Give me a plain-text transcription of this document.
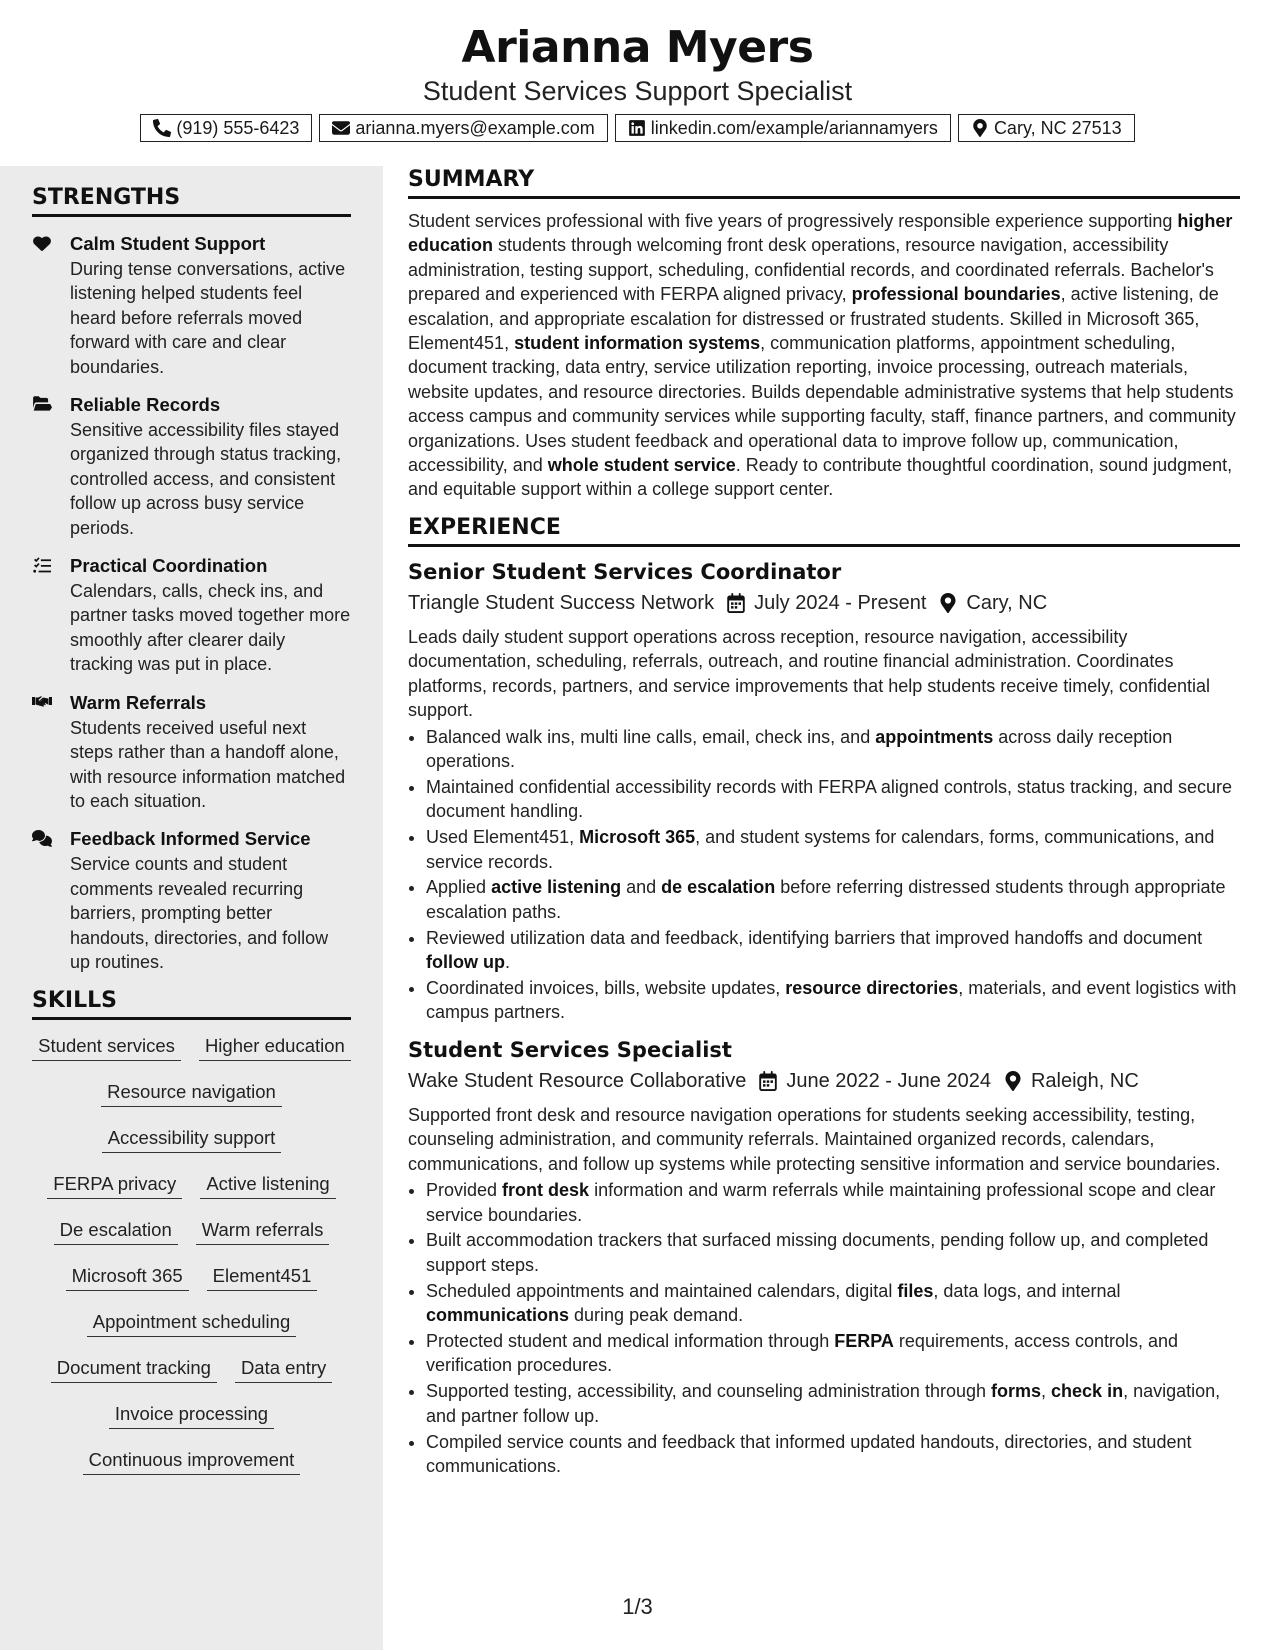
Arianna Myers

Student Services Support Specialist

(919) 555-6423	arianna.myers@example.com	linkedin.com/example/ariannamyers	Cary, NC 27513
STRENGTHS
Calm Student Support
During tense conversations, active listening helped students feel heard before referrals moved forward with care and clear boundaries.
Reliable Records
Sensitive accessibility files stayed organized through status tracking, controlled access, and consistent follow up across busy service periods.
Practical Coordination
Calendars, calls, check ins, and partner tasks moved together more smoothly after clearer daily tracking was put in place.
Warm Referrals
Students received useful next steps rather than a handoff alone, with resource information matched to each situation.
Feedback Informed Service
Service counts and student comments revealed recurring barriers, prompting better handouts, directories, and follow up routines.
SKILLS
Student services	Higher education
Resource navigation
Accessibility support
FERPA privacy	Active listening
De escalation	Warm referrals
Microsoft 365	Element451
Appointment scheduling
Document tracking	Data entry
Invoice processing
Continuous improvement
SUMMARY

Student services professional with five years of progressively responsible experience supporting higher education students through welcoming front desk operations, resource navigation, accessibility administration, testing support, scheduling, confidential records, and coordinated referrals. Bachelor's prepared and experienced with FERPA aligned privacy, professional boundaries, active listening, de escalation, and appropriate escalation for distressed or frustrated students. Skilled in Microsoft 365, Element451, student information systems, communication platforms, appointment scheduling, document tracking, data entry, service utilization reporting, invoice processing, outreach materials, website updates, and resource directories. Builds dependable administrative systems that help students access campus and community services while supporting faculty, staff, finance partners, and community organizations. Uses student feedback and operational data to improve follow up, communication, accessibility, and whole student service. Ready to contribute thoughtful coordination, sound judgment, and equitable support within a college support center.

EXPERIENCE
Senior Student Services Coordinator
Triangle Student Success Network July 2024 - Present Cary, NC
Leads daily student support operations across reception, resource navigation, accessibility documentation, scheduling, referrals, outreach, and routine financial administration. Coordinates platforms, records, partners, and service improvements that help students receive timely, confidential support.
• Balanced walk ins, multi line calls, email, check ins, and appointments across daily reception operations.
• Maintained confidential accessibility records with FERPA aligned controls, status tracking, and secure document handling.
• Used Element451, Microsoft 365, and student systems for calendars, forms, communications, and service records.
• Applied active listening and de escalation before referring distressed students through appropriate escalation paths.
• Reviewed utilization data and feedback, identifying barriers that improved handoffs and document follow up.
• Coordinated invoices, bills, website updates, resource directories, materials, and event logistics with campus partners.
Student Services Specialist
Wake Student Resource Collaborative June 2022 - June 2024 Raleigh, NC
Supported front desk and resource navigation operations for students seeking accessibility, testing, counseling administration, and community referrals. Maintained organized records, calendars, communications, and follow up systems while protecting sensitive information and service boundaries.
• Provided front desk information and warm referrals while maintaining professional scope and clear service boundaries.
• Built accommodation trackers that surfaced missing documents, pending follow up, and completed support steps.
• Scheduled appointments and maintained calendars, digital files, data logs, and internal communications during peak demand.
• Protected student and medical information through FERPA requirements, access controls, and verification procedures.
• Supported testing, accessibility, and counseling administration through forms, check in, navigation, and partner follow up.
• Compiled service counts and feedback that informed updated handouts, directories, and student communications.
1/3
